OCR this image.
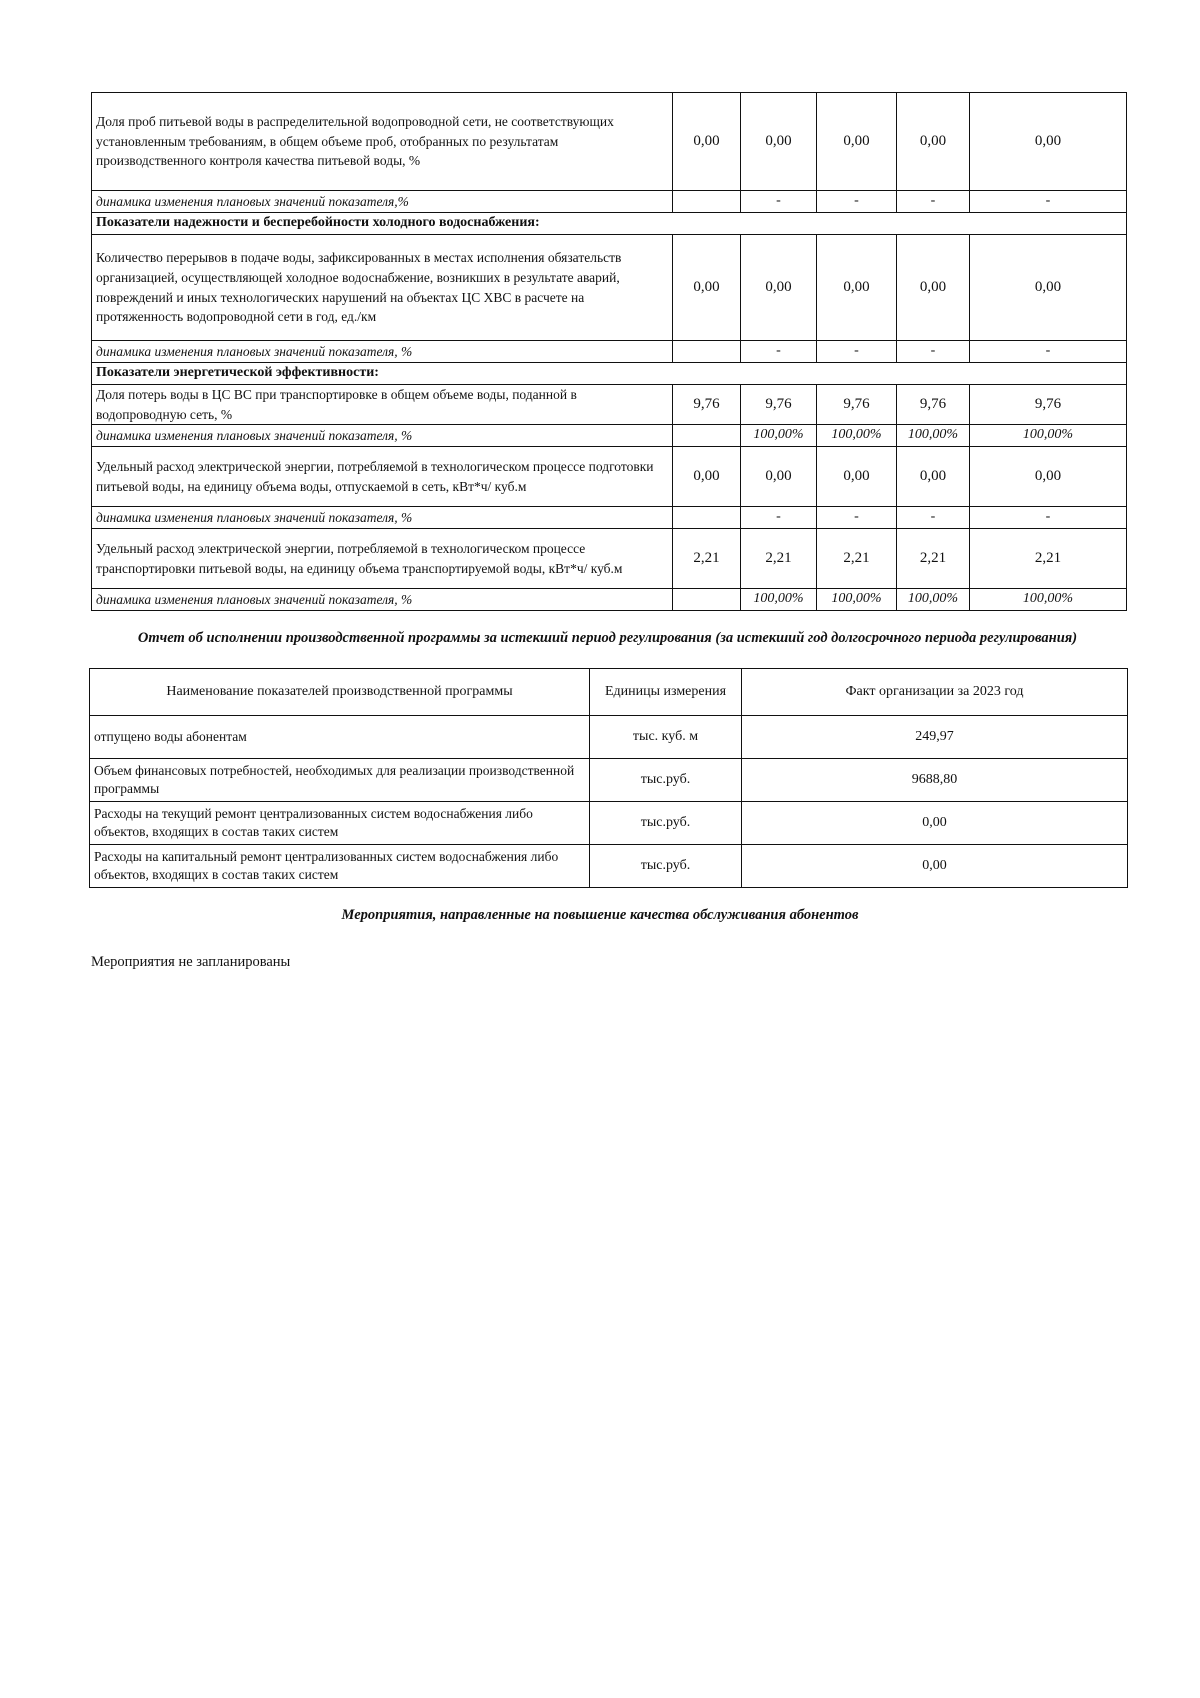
Доля проб питьевой воды в распределительной водопроводной сети, не соответствующих установленным требованиям, в общем объеме проб, отобранных по результатам производственного контроля качества питьевой воды, %	0,00	0,00	0,00	0,00	0,00
динамика изменения плановых значений показателя,%		-	-	-	-
Показатели надежности и бесперебойности холодного водоснабжения:					
Количество перерывов в подаче воды, зафиксированных в местах исполнения обязательств организацией, осуществляющей холодное водоснабжение, возникших в результате аварий, повреждений и иных технологических нарушений на объектах ЦС ХВС в расчете на протяженность водопроводной сети в год, ед./км	0,00	0,00	0,00	0,00	0,00
динамика изменения плановых значений показателя, %		-	-	-	-
Показатели энергетической эффективности:					
Доля потерь воды в ЦС ВС при транспортировке в общем объеме воды, поданной в водопроводную сеть, %	9,76	9,76	9,76	9,76	9,76
динамика изменения плановых значений показателя, %		100,00%	100,00%	100,00%	100,00%
Удельный расход электрической энергии, потребляемой в технологическом процессе подготовки питьевой воды, на единицу объема воды, отпускаемой в сеть, кВт*ч/ куб.м	0,00	0,00	0,00	0,00	0,00
динамика изменения плановых значений показателя, %		-	-	-	-
Удельный расход электрической энергии, потребляемой в технологическом процессе транспортировки питьевой воды, на единицу объема транспортируемой воды, кВт*ч/ куб.м	2,21	2,21	2,21	2,21	2,21
динамика изменения плановых значений показателя, %		100,00%	100,00%	100,00%	100,00%
Отчет об исполнении производственной программы за истекший период регулирования (за истекший год долгосрочного периода регулирования)
Наименование показателей производственной программы	Единицы измерения	Факт организации за 2023 год
отпущено воды абонентам	тыс. куб. м	249,97
Объем финансовых потребностей, необходимых для реализации производственной программы	тыс.руб.	9688,80
Расходы на текущий ремонт централизованных систем водоснабжения либо объектов, входящих в состав таких систем	тыс.руб.	0,00
Расходы на капитальный ремонт централизованных систем водоснабжения либо объектов, входящих в состав таких систем	тыс.руб.	0,00
Мероприятия, направленные на повышение качества обслуживания абонентов
Мероприятия не запланированы
